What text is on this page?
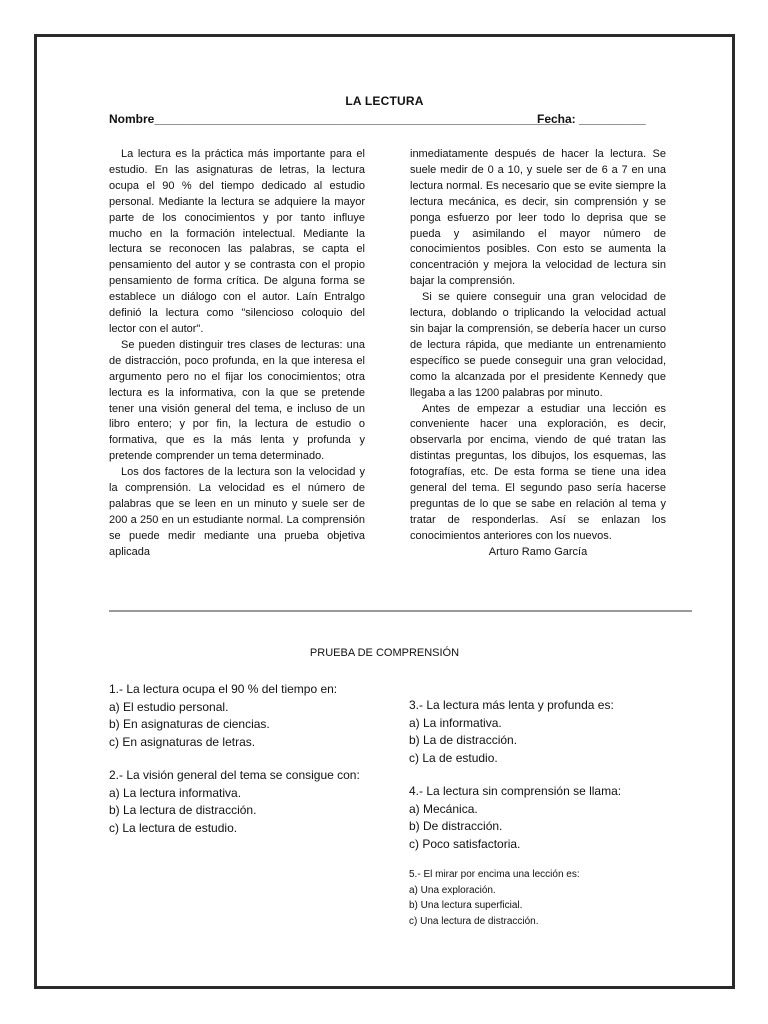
LA LECTURA
Nombre______________________________________________________________
Fecha: __________

La lectura es la práctica más importante para el estudio. En las asignaturas de letras, la lectura ocupa el 90 % del tiempo dedicado al estudio personal. Mediante la lectura se adquiere la mayor parte de los conocimientos y por tanto influye mucho en la formación intelectual. Mediante la lectura se reconocen las palabras, se capta el pensamiento del autor y se contrasta con el propio pensamiento de forma crítica. De alguna forma se establece un diálogo con el autor. Laín Entralgo definió la lectura como "silencioso coloquio del lector con el autor".

Se pueden distinguir tres clases de lecturas: una de distracción, poco profunda, en la que interesa el argumento pero no el fijar los conocimientos; otra lectura es la informativa, con la que se pretende tener una visión general del tema, e incluso de un libro entero; y por fin, la lectura de estudio o formativa, que es la más lenta y profunda y pretende comprender un tema determinado.

Los dos factores de la lectura son la velocidad y la comprensión. La velocidad es el número de palabras que se leen en un minuto y suele ser de 200 a 250 en un estudiante normal. La comprensión se puede medir mediante una prueba objetiva aplicada

inmediatamente después de hacer la lectura. Se suele medir de 0 a 10, y suele ser de 6 a 7 en una lectura normal. Es necesario que se evite siempre la lectura mecánica, es decir, sin comprensión y se ponga esfuerzo por leer todo lo deprisa que se pueda y asimilando el mayor número de conocimientos posibles. Con esto se aumenta la concentración y mejora la velocidad de lectura sin bajar la comprensión.

Si se quiere conseguir una gran velocidad de lectura, doblando o triplicando la velocidad actual sin bajar la comprensión, se debería hacer un curso de lectura rápida, que mediante un entrenamiento específico se puede conseguir una gran velocidad, como la alcanzada por el presidente Kennedy que llegaba a las 1200 palabras por minuto.

Antes de empezar a estudiar una lección es conveniente hacer una exploración, es decir, observarla por encima, viendo de qué tratan las distintas preguntas, los dibujos, los esquemas, las fotografías, etc. De esta forma se tiene una idea general del tema. El segundo paso sería hacerse preguntas de lo que se sabe en relación al tema y tratar de responderlas. Así se enlazan los conocimientos anteriores con los nuevos.

Arturo Ramo García

PRUEBA DE COMPRENSIÓN
1.- La lectura ocupa el 90 % del tiempo en:
a) El estudio personal.
b) En asignaturas de ciencias.
c) En asignaturas de letras.
2.- La visión general del tema se consigue con:
a) La lectura informativa.
b) La lectura de distracción.
c) La lectura de estudio.
3.- La lectura más lenta y profunda es:
a) La informativa.
b) La de distracción.
c) La de estudio.
4.- La lectura sin comprensión se llama:
a) Mecánica.
b) De distracción.
c) Poco satisfactoria.
5.- El mirar por encima una lección es:
a) Una exploración.
b) Una lectura superficial.
c) Una lectura de distracción.
